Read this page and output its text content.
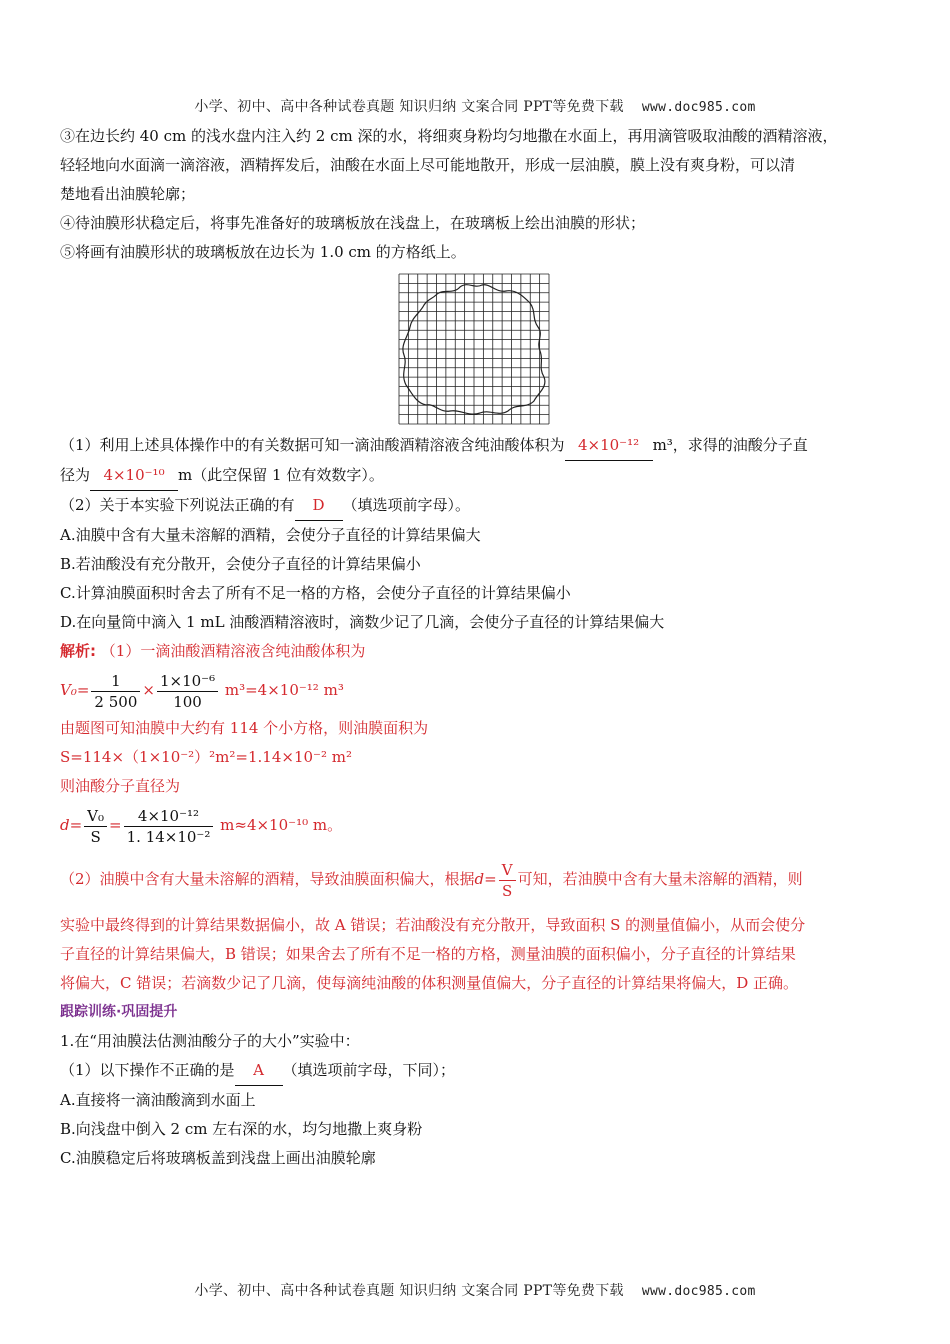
小学、初中、高中各种试卷真题 知识归纳 文案合同 PPT等免费下载 www.doc985.com

③在边长约 40 cm 的浅水盘内注入约 2 cm 深的水，将细爽身粉均匀地撒在水面上，再用滴管吸取油酸的酒精溶液，

轻轻地向水面滴一滴溶液，酒精挥发后，油酸在水面上尽可能地散开，形成一层油膜，膜上没有爽身粉，可以清

楚地看出油膜轮廓；

④待油膜形状稳定后，将事先准备好的玻璃板放在浅盘上，在玻璃板上绘出油膜的形状；

⑤将画有油膜形状的玻璃板放在边长为 1.0 cm 的方格纸上。

（1）利用上述具体操作中的有关数据可知一滴油酸酒精溶液含纯油酸体积为 4×10⁻¹² m³，求得的油酸分子直

径为 4×10⁻¹⁰ m（此空保留 1 位有效数字）。

（2）关于本实验下列说法正确的有 D （填选项前字母）。

A.油膜中含有大量未溶解的酒精，会使分子直径的计算结果偏大

B.若油酸没有充分散开，会使分子直径的计算结果偏小

C.计算油膜面积时舍去了所有不足一格的方格，会使分子直径的计算结果偏小

D.在向量筒中滴入 1 mL 油酸酒精溶液时，滴数少记了几滴，会使分子直径的计算结果偏大

解析: （1）一滴油酸酒精溶液含纯油酸体积为

$V_0= \frac{1}{2 500} \times \frac{\text{1×10⁻⁶}}{100} m^3=4\times 10^{-12}$ m³

由题图可知油膜中大约有 114 个小方格，则油膜面积为

S=114×（1×10⁻²）²m²=1.14×10⁻² m²

则油酸分子直径为

$d= \frac{\text{V₀}}{S} = \frac{\text{4×10⁻¹²}}{\text{1. 14×10⁻²}} m\approx 4\times 10^{-10}$ m。

（2）油膜中含有大量未溶解的酒精，导致油膜面积偏大，根据$d= \frac{V}{S}$ 可知，若油膜中含有大量未溶解的酒精，则

实验中最终得到的计算结果数据偏小，故 A 错误；若油酸没有充分散开，导致面积 S 的测量值偏小，从而会使分

子直径的计算结果偏大，B 错误；如果舍去了所有不足一格的方格，测量油膜的面积偏小，分子直径的计算结果

将偏大，C 错误；若滴数少记了几滴，使每滴纯油酸的体积测量值偏大，分子直径的计算结果将偏大，D 正确。

跟踪训练·巩固提升

1.在“用油膜法估测油酸分子的大小”实验中：

（1）以下操作不正确的是 A （填选项前字母，下同）；

A.直接将一滴油酸滴到水面上

B.向浅盘中倒入 2 cm 左右深的水，均匀地撒上爽身粉

C.油膜稳定后将玻璃板盖到浅盘上画出油膜轮廓

小学、初中、高中各种试卷真题 知识归纳 文案合同 PPT等免费下载 www.doc985.com
